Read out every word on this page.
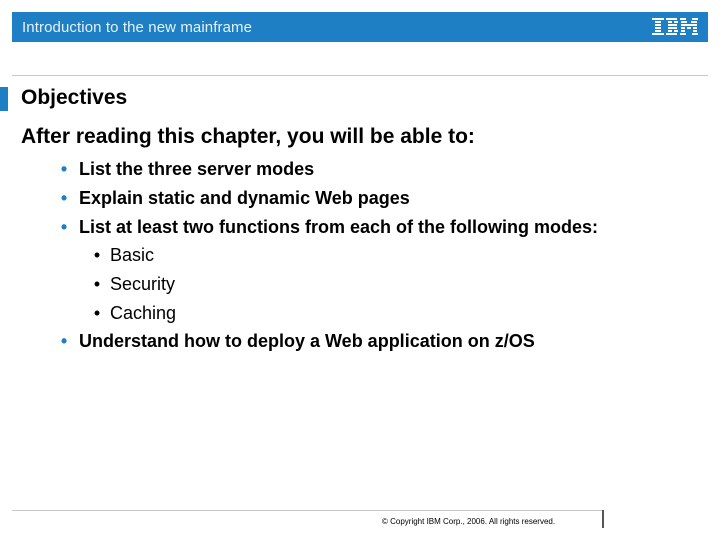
Introduction to the new mainframe
Objectives
After reading this chapter, you will be able to:
• List the three server modes
• Explain static and dynamic Web pages
• List at least two functions from each of the following modes:
• Basic
• Security
• Caching
• Understand how to deploy a Web application on z/OS
© Copyright IBM Corp., 2006. All rights reserved.
